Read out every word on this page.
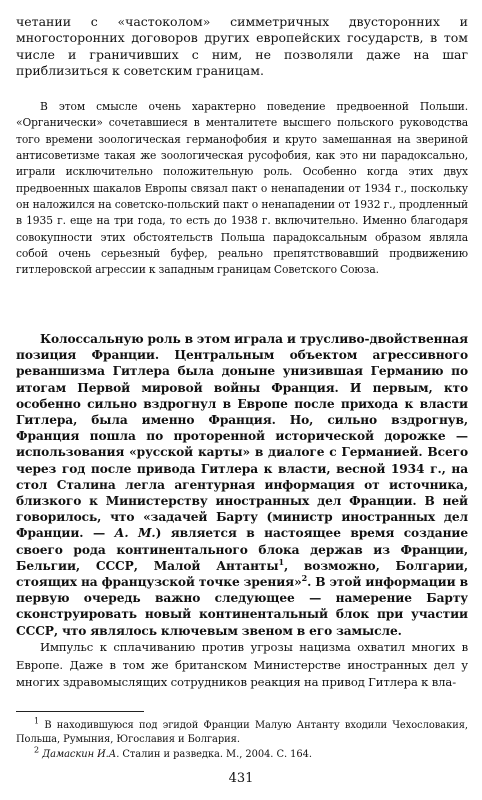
четании с «частоколом» симметричных двусторонних и многосторонних договоров других европейских государств, в том числе и граничивших с ним, не позволяли даже на шаг приблизиться к советским границам.

В этом смысле очень характерно поведение предвоенной Польши. «Органически» сочетавшиеся в менталитете высшего польского руководства того времени зоологическая германофобия и круто замешанная на звериной антисоветизме такая же зоологическая русофобия, как это ни парадоксально, играли исключительно положительную роль. Особенно когда этих двух предвоенных шакалов Европы связал пакт о ненападении от 1934 г., поскольку он наложился на советско-польский пакт о ненападении от 1932 г., продленный в 1935 г. еще на три года, то есть до 1938 г. включительно. Именно благодаря совокупности этих обстоятельств Польша парадоксальным образом являла собой очень серьезный буфер, реально препятствовавший продвижению гитлеровской агрессии к западным границам Советского Союза.

Колоссальную роль в этом играла и трусливо-двойственная позиция Франции. Центральным объектом агрессивного реваншизма Гитлера была доныне унизившая Германию по итогам Первой мировой войны Франция. И первым, кто особенно сильно вздрогнул в Европе после прихода к власти Гитлера, была именно Франция. Но, сильно вздрогнув, Франция пошла по проторенной исторической дорожке — использования «русской карты» в диалоге с Германией. Всего через год после привода Гитлера к власти, весной 1934 г., на стол Сталина легла агентурная информация от источника, близкого к Министерству иностранных дел Франции. В ней говорилось, что «задачей Барту (министр иностранных дел Франции. — А. М.) является в настоящее время создание своего рода континентального блока держав из Франции, Бельгии, СССР, Малой Антанты$^1$, возможно, Болгарии, стоящих на французской точке зрения»$^2$. В этой информации в первую очередь важно следующее — намерение Барту сконструировать новый континентальный блок при участии СССР, что являлось ключевым звеном в его замысле.

Импульс к сплачиванию против угрозы нацизма охватил многих в Европе. Даже в том же британском Министерстве иностранных дел у многих здравомыслящих сотрудников реакция на привод Гитлера к вла-

$^1$ В находившуюся под эгидой Франции Малую Антанту входили Чехословакия, Польша, Румыния, Югославия и Болгария.

$^2$ Дамаскин И.А. Сталин и разведка. М., 2004. С. 164.

431
